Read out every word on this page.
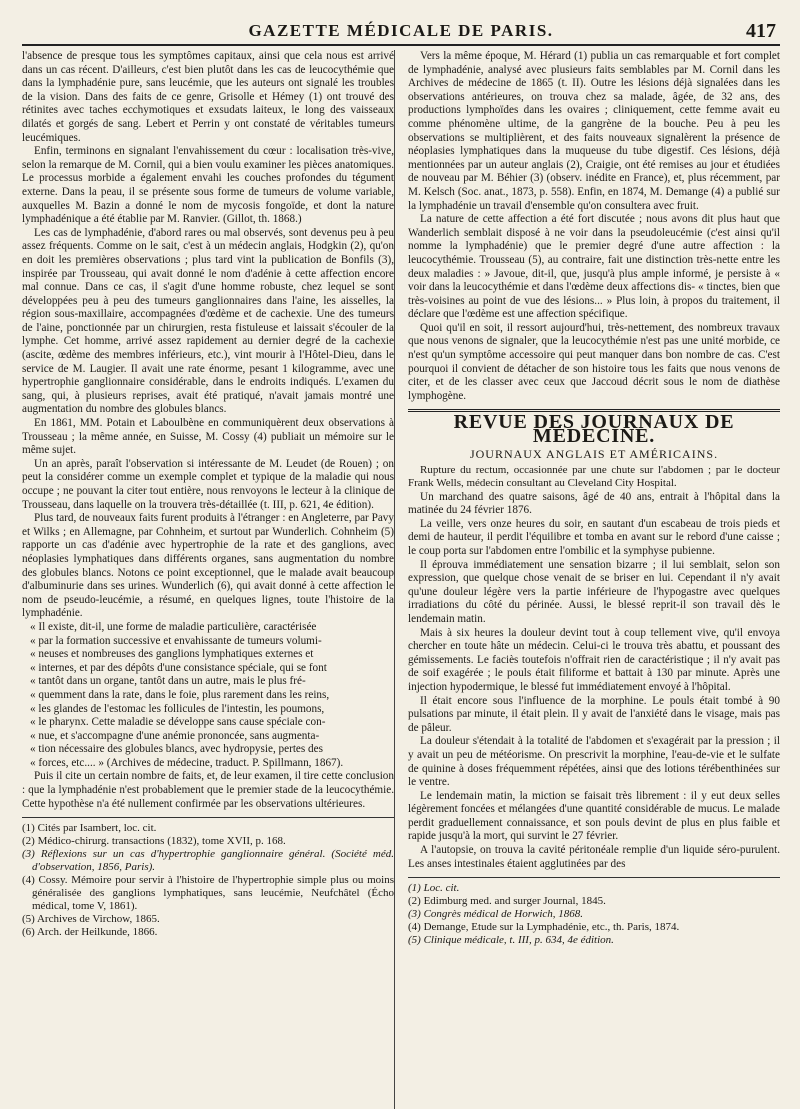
GAZETTE MÉDICALE DE PARIS.	417

l'absence de presque tous les symptômes capitaux, ainsi que cela nous est arrivé dans un cas récent. D'ailleurs, c'est bien plutôt dans les cas de leucocythémie que dans la lymphadénie pure, sans leucémie, que les auteurs ont signalé les troubles de la vision. Dans des faits de ce genre, Grisolle et Hémey (1) ont trouvé des rétinites avec taches ecchymotiques et exsudats laiteux, le long des vaisseaux dilatés et gorgés de sang. Lebert et Perrin y ont constaté de véritables tumeurs leucémiques.

Enfin, terminons en signalant l'envahissement du cœur : localisation très-vive, selon la remarque de M. Cornil, qui a bien voulu examiner les pièces anatomiques. Le processus morbide a également envahi les couches profondes du tégument externe. Dans la peau, il se présente sous forme de tumeurs de volume variable, auxquelles M. Bazin a donné le nom de mycosis fongoïde, et dont la nature lymphadénique a été établie par M. Ranvier. (Gillot, th. 1868.)

Les cas de lymphadénie, d'abord rares ou mal observés, sont devenus peu à peu assez fréquents. Comme on le sait, c'est à un médecin anglais, Hodgkin (2), qu'on en doit les premières observations ; plus tard vint la publication de Bonfils (3), inspirée par Trousseau, qui avait donné le nom d'adénie à cette affection encore mal connue. Dans ce cas, il s'agit d'une homme robuste, chez lequel se sont développées peu à peu des tumeurs ganglionnaires dans l'aine, les aisselles, la région sous-maxillaire, accompagnées d'œdème et de cachexie. Une des tumeurs de l'aine, ponctionnée par un chirurgien, resta fistuleuse et laissait s'écouler de la lymphe. Cet homme, arrivé assez rapidement au dernier degré de la cachexie (ascite, œdème des membres inférieurs, etc.), vint mourir à l'Hôtel-Dieu, dans le service de M. Laugier. Il avait une rate énorme, pesant 1 kilogramme, avec une hypertrophie ganglionnaire considérable, dans le endroits indiqués. L'examen du sang, qui, à plusieurs reprises, avait été pratiqué, n'avait jamais montré une augmentation du nombre des globules blancs.

En 1861, MM. Potain et Laboulbène en communiquèrent deux observations à Trousseau ; la même année, en Suisse, M. Cossy (4) publiait un mémoire sur le même sujet.

Un an après, paraît l'observation si intéressante de M. Leudet (de Rouen) ; on peut la considérer comme un exemple complet et typique de la maladie qui nous occupe ; ne pouvant la citer tout entière, nous renvoyons le lecteur à la clinique de Trousseau, dans laquelle on la trouvera très-détaillée (t. III, p. 621, 4e édition).

Plus tard, de nouveaux faits furent produits à l'étranger : en Angleterre, par Pavy et Wilks ; en Allemagne, par Cohnheim, et surtout par Wunderlich. Cohnheim (5) rapporte un cas d'adénie avec hypertrophie de la rate et des ganglions, avec néoplasies lymphatiques dans différents organes, sans augmentation du nombre des globules blancs. Notons ce point exceptionnel, que le malade avait beaucoup d'albuminurie dans ses urines. Wunderlich (6), qui avait donné à cette affection le nom de pseudo-leucémie, a résumé, en quelques lignes, toute l'histoire de la lymphadénie.

« Il existe, dit-il, une forme de maladie particulière, caractérisée

« par la formation successive et envahissante de tumeurs volumi-

« neuses et nombreuses des ganglions lymphatiques externes et

« internes, et par des dépôts d'une consistance spéciale, qui se font

« tantôt dans un organe, tantôt dans un autre, mais le plus fré-

« quemment dans la rate, dans le foie, plus rarement dans les reins,

« les glandes de l'estomac les follicules de l'intestin, les poumons,

« le pharynx. Cette maladie se développe sans cause spéciale con-

« nue, et s'accompagne d'une anémie prononcée, sans augmenta-

« tion nécessaire des globules blancs, avec hydropysie, pertes des

« forces, etc.... » (Archives de médecine, traduct. P. Spillmann, 1867).

Puis il cite un certain nombre de faits, et, de leur examen, il tire cette conclusion : que la lymphadénie n'est probablement que le premier stade de la leucocythémie. Cette hypothèse n'a été nullement confirmée par les observations ultérieures.

(1) Cités par Isambert, loc. cit.
(2) Médico-chirurg. transactions (1832), tome XVII, p. 168.
(3) Réflexions sur un cas d'hypertrophie ganglionnaire général. (Société méd. d'observation, 1856, Paris).
(4) Cossy. Mémoire pour servir à l'histoire de l'hypertrophie simple plus ou moins généralisée des ganglions lymphatiques, sans leucémie, Neufchâtel (Écho médical, tome V, 1861).
(5) Archives de Virchow, 1865.
(6) Arch. der Heilkunde, 1866.

Vers la même époque, M. Hérard (1) publia un cas remarquable et fort complet de lymphadénie, analysé avec plusieurs faits semblables par M. Cornil dans les Archives de médecine de 1865 (t. II). Outre les lésions déjà signalées dans les observations antérieures, on trouva chez sa malade, âgée, de 32 ans, des productions lymphoïdes dans les ovaires ; cliniquement, cette femme avait eu comme phénomène ultime, de la gangrène de la bouche. Peu à peu les observations se multiplièrent, et des faits nouveaux signalèrent la présence de néoplasies lymphatiques dans la muqueuse du tube digestif. Ces lésions, déjà mentionnées par un auteur anglais (2), Craigie, ont été remises au jour et étudiées de nouveau par M. Béhier (3) (observ. inédite en France), et, plus récemment, par M. Kelsch (Soc. anat., 1873, p. 558). Enfin, en 1874, M. Demange (4) a publié sur la lymphadénie un travail d'ensemble qu'on consultera avec fruit.

La nature de cette affection a été fort discutée ; nous avons dit plus haut que Wanderlich semblait disposé à ne voir dans la pseudoleucémie (c'est ainsi qu'il nomme la lymphadénie) que le premier degré d'une autre affection : la leucocythémie. Trousseau (5), au contraire, fait une distinction très-nette entre les deux maladies : » Javoue, dit-il, que, jusqu'à plus ample informé, je persiste à « voir dans la leucocythémie et dans l'œdème deux affections dis- « tinctes, bien que très-voisines au point de vue des lésions... » Plus loin, à propos du traitement, il déclare que l'œdème est une affection spécifique.

Quoi qu'il en soit, il ressort aujourd'hui, très-nettement, des nombreux travaux que nous venons de signaler, que la leucocythémie n'est pas une unité morbide, ce n'est qu'un symptôme accessoire qui peut manquer dans bon nombre de cas. C'est pourquoi il convient de détacher de son histoire tous les faits que nous venons de citer, et de les classer avec ceux que Jaccoud décrit sous le nom de diathèse lymphogène.

REVUE DES JOURNAUX DE MÉDECINE.
JOURNAUX ANGLAIS ET AMÉRICAINS.

Rupture du rectum, occasionnée par une chute sur l'abdomen ; par le docteur Frank Wells, médecin consultant au Cleveland City Hospital.

Un marchand des quatre saisons, âgé de 40 ans, entrait à l'hôpital dans la matinée du 24 février 1876.

La veille, vers onze heures du soir, en sautant d'un escabeau de trois pieds et demi de hauteur, il perdit l'équilibre et tomba en avant sur le rebord d'une caisse ; le coup porta sur l'abdomen entre l'ombilic et la symphyse pubienne.

Il éprouva immédiatement une sensation bizarre ; il lui semblait, selon son expression, que quelque chose venait de se briser en lui. Cependant il n'y avait qu'une douleur légère vers la partie inférieure de l'hypogastre avec quelques irradiations du côté du périnée. Aussi, le blessé reprit-il son travail dès le lendemain matin.

Mais à six heures la douleur devint tout à coup tellement vive, qu'il envoya chercher en toute hâte un médecin. Celui-ci le trouva très abattu, et poussant des gémissements. Le faciès toutefois n'offrait rien de caractéristique ; il n'y avait pas de soif exagérée ; le pouls était filiforme et battait à 130 par minute. Après une injection hypodermique, le blessé fut immédiatement envoyé à l'hôpital.

Il était encore sous l'influence de la morphine. Le pouls était tombé à 90 pulsations par minute, il était plein. Il y avait de l'anxiété dans le visage, mais pas de pâleur.

La douleur s'étendait à la totalité de l'abdomen et s'exagérait par la pression ; il y avait un peu de météorisme. On prescrivit la morphine, l'eau-de-vie et le sulfate de quinine à doses fréquemment répétées, ainsi que des lotions térébenthinées sur le ventre.

Le lendemain matin, la miction se faisait très librement : il y eut deux selles légèrement foncées et mélangées d'une quantité considérable de mucus. Le malade perdit graduellement connaissance, et son pouls devint de plus en plus faible et rapide jusqu'à la mort, qui survint le 27 février.

A l'autopsie, on trouva la cavité péritonéale remplie d'un liquide séro-purulent. Les anses intestinales étaient agglutinées par des

(1) Loc. cit.
(2) Edimburg med. and surger Journal, 1845.
(3) Congrès médical de Horwich, 1868.
(4) Demange, Etude sur la Lymphadénie, etc., th. Paris, 1874.
(5) Clinique médicale, t. III, p. 634, 4e édition.
